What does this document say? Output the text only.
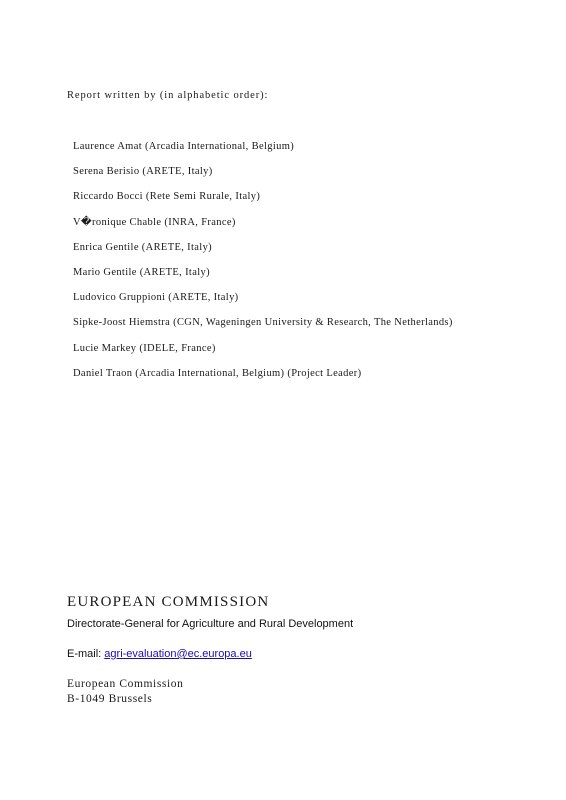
Report written by (in alphabetic order):
Laurence Amat (Arcadia International, Belgium)
Serena Berisio (ARETE, Italy)
Riccardo Bocci (Rete Semi Rurale, Italy)
V�ronique Chable (INRA, France)
Enrica Gentile (ARETE, Italy)
Mario Gentile (ARETE, Italy)
Ludovico Gruppioni (ARETE, Italy)
Sipke-Joost Hiemstra (CGN, Wageningen University & Research, The Netherlands)
Lucie Markey (IDELE, France)
Daniel Traon (Arcadia International, Belgium) (Project Leader)
EUROPEAN COMMISSION
Directorate-General for Agriculture and Rural Development
E-mail: agri-evaluation@ec.europa.eu
European Commission
B-1049 Brussels
